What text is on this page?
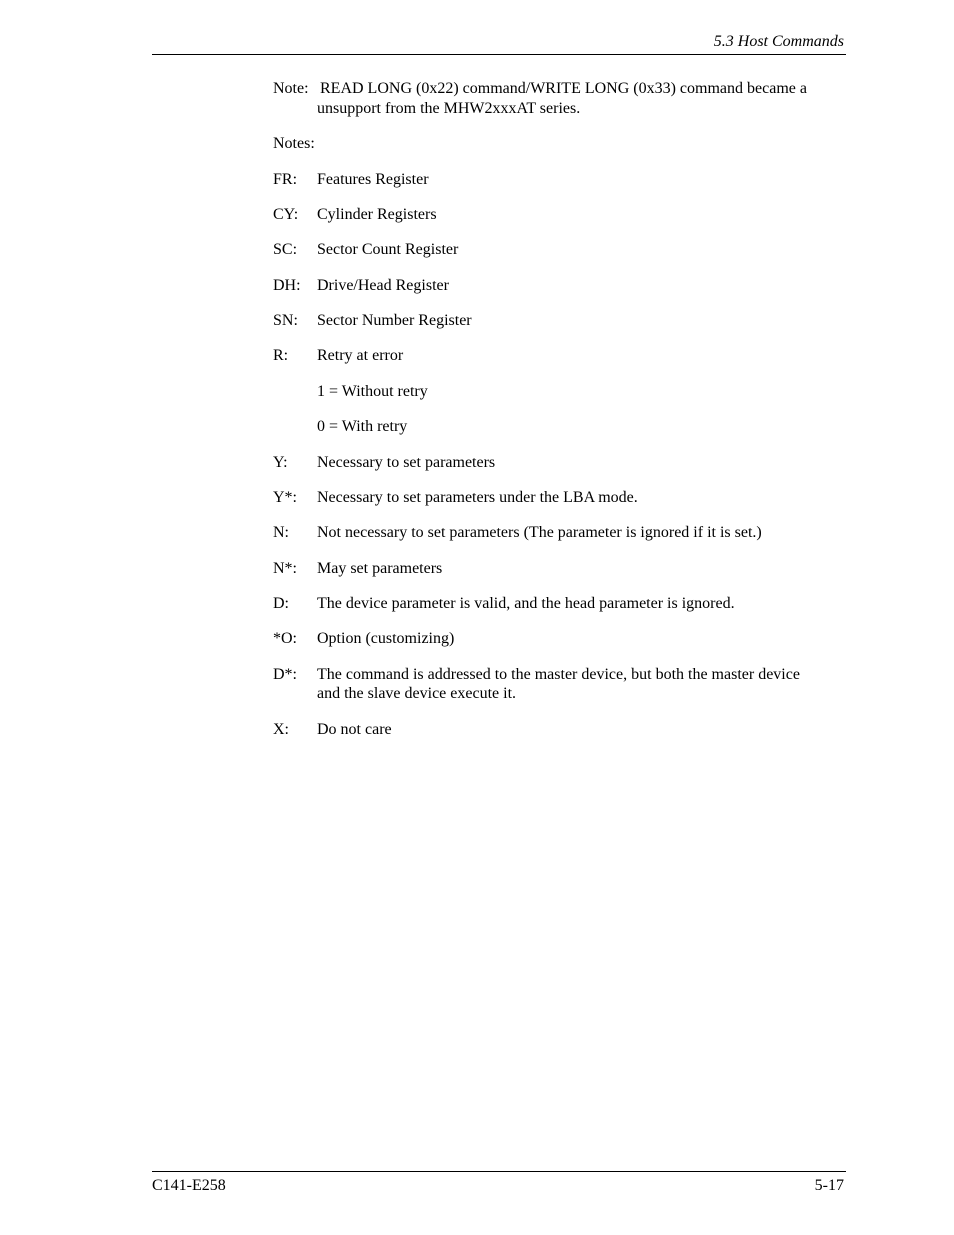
5.3 Host Commands
Note: READ LONG (0x22) command/WRITE LONG (0x33) command became a
unsupport from the MHW2xxxAT series.
Notes:
FR: Features Register
CY: Cylinder Registers
SC: Sector Count Register
DH: Drive/Head Register
SN: Sector Number Register
R: Retry at error
1 = Without retry
0 = With retry
Y: Necessary to set parameters
Y*: Necessary to set parameters under the LBA mode.
N: Not necessary to set parameters (The parameter is ignored if it is set.)
N*: May set parameters
D: The device parameter is valid, and the head parameter is ignored.
*O: Option (customizing)
D*: The command is addressed to the master device, but both the master device
and the slave device execute it.
X: Do not care
C141-E258	5-17
